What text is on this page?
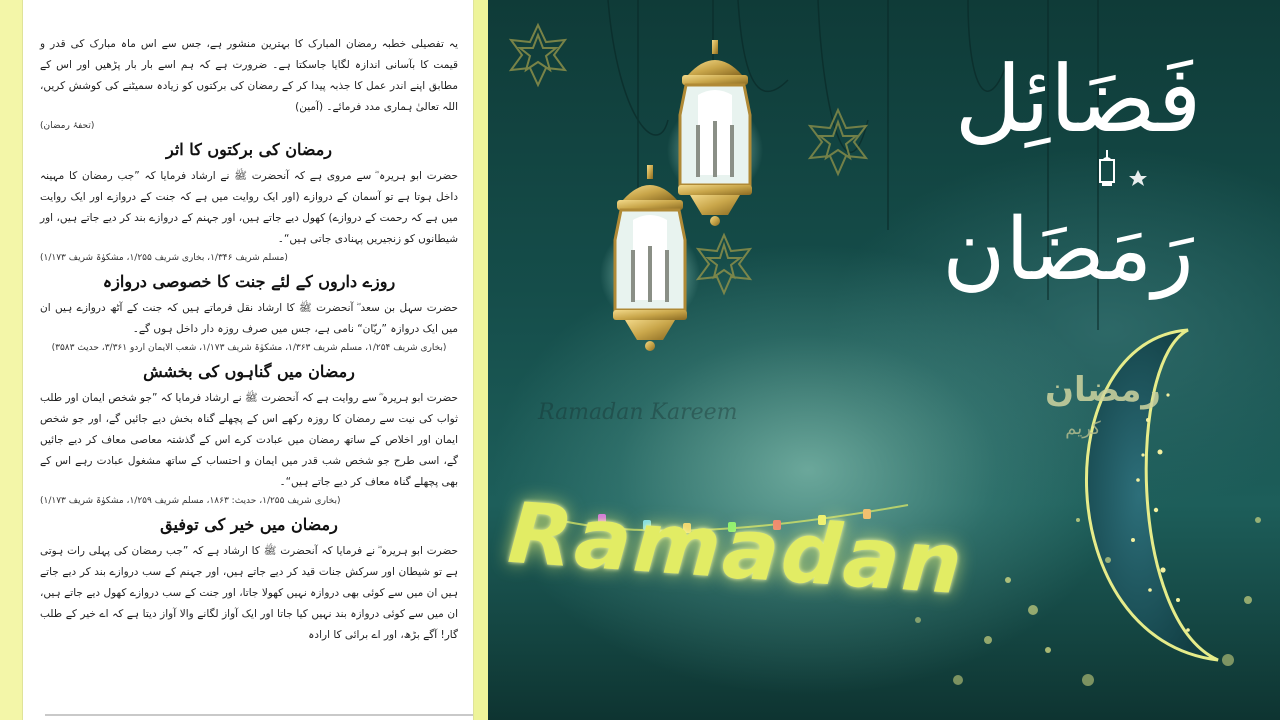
یہ تفصیلی خطبہ رمضان المبارک کا بہترین منشور ہے، جس سے اس ماہ مبارک کی قدر و قیمت کا بآسانی اندازہ لگایا جاسکتا ہے۔ ضرورت ہے کہ ہم اسے بار بار پڑھیں اور اس کے مطابق اپنے اندر عمل کا جذبہ پیدا کر کے رمضان کی برکتوں کو زیادہ سمیٹنے کی کوشش کریں، اللہ تعالیٰ ہماری مدد فرمائے۔ (آمین)

(تحفۂ رمضان)

رمضان کی برکتوں کا اثر

حضرت ابو ہریرہ ؓ سے مروی ہے کہ آنحضرت ﷺ نے ارشاد فرمایا کہ ”جب رمضان کا مہینہ داخل ہوتا ہے تو آسمان کے دروازے (اور ایک روایت میں ہے کہ جنت کے دروازے اور ایک روایت میں ہے کہ رحمت کے دروازے) کھول دیے جاتے ہیں، اور جہنم کے دروازے بند کر دیے جاتے ہیں، اور شیطانوں کو زنجیریں پہنادی جاتی ہیں“۔

(مسلم شریف ۱/۳۴۶، بخاری شریف ۱/۲۵۵، مشکوٰۃ شریف ۱/۱۷۳)

روزے داروں کے لئے جنت کا خصوصی دروازہ

حضرت سہل بن سعد ؓ آنحضرت ﷺ کا ارشاد نقل فرماتے ہیں کہ جنت کے آٹھ دروازے ہیں ان میں ایک دروازہ ”ریّان“ نامی ہے، جس میں صرف روزہ دار داخل ہوں گے۔

(بخاری شریف ۱/۲۵۴، مسلم شریف ۱/۳۶۳، مشکوٰۃ شریف ۱/۱۷۳، شعب الایمان اردو ۳/۳۶۱، حدیث ۳۵۸۳)

رمضان میں گناہوں کی بخشش

حضرت ابو ہریرہ ؓ سے روایت ہے کہ آنحضرت ﷺ نے ارشاد فرمایا کہ ”جو شخص ایمان اور طلب ثواب کی نیت سے رمضان کا روزہ رکھے اس کے پچھلے گناہ بخش دیے جائیں گے، اور جو شخص ایمان اور اخلاص کے ساتھ رمضان میں عبادت کرے اس کے گذشتہ معاصی معاف کر دیے جائیں گے، اسی طرح جو شخص شب قدر میں ایمان و احتساب کے ساتھ مشغول عبادت رہے اس کے بھی پچھلے گناہ معاف کر دیے جاتے ہیں“۔

(بخاری شریف ۱/۲۵۵، حدیث: ۱۸۶۳، مسلم شریف ۱/۲۵۹، مشکوٰۃ شریف ۱/۱۷۳)

رمضان میں خیر کی توفیق

حضرت ابو ہریرہ ؓ نے فرمایا کہ آنحضرت ﷺ کا ارشاد ہے کہ ”جب رمضان کی پہلی رات ہوتی ہے تو شیطان اور سرکش جنات قید کر دیے جاتے ہیں، اور جہنم کے سب دروازے بند کر دیے جاتے ہیں ان میں سے کوئی بھی دروازہ نہیں کھولا جاتا، اور جنت کے سب دروازے کھول دیے جاتے ہیں، ان میں سے کوئی دروازہ بند نہیں کیا جاتا اور ایک آواز لگانے والا آواز دیتا ہے کہ اے خیر کے طلب گار! آگے بڑھ، اور اے برائی کا ارادہ

Ramadan Kareem
فَضَائِل
رَمَضَان
رمضان
کریم
Ramadan
